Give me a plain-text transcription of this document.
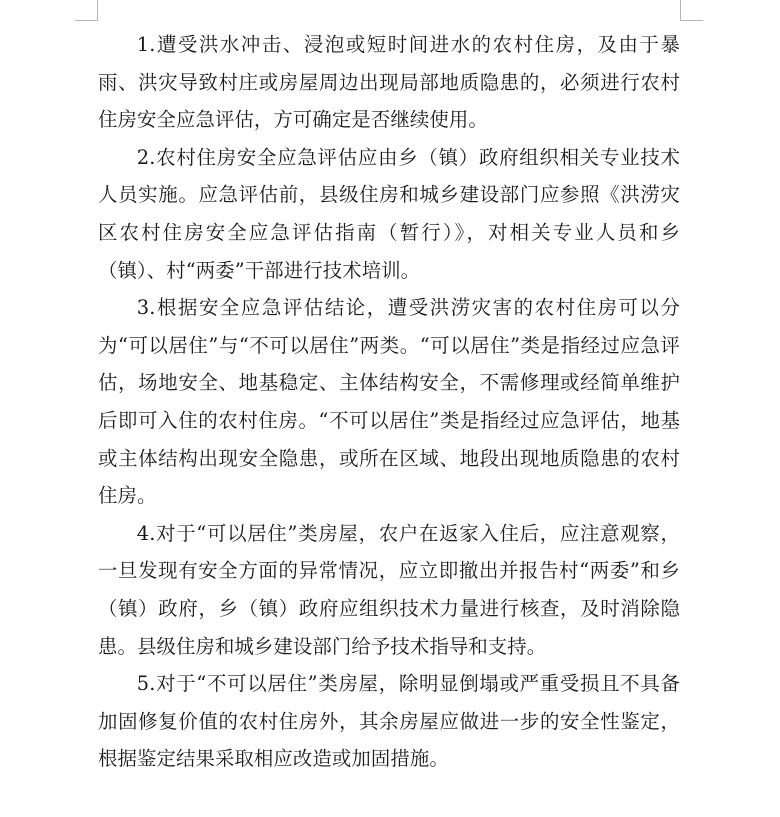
1.遭受洪水冲击、浸泡或短时间进水的农村住房，及由于暴雨、洪灾导致村庄或房屋周边出现局部地质隐患的，必须进行农村住房安全应急评估，方可确定是否继续使用。

2.农村住房安全应急评估应由乡（镇）政府组织相关专业技术人员实施。应急评估前，县级住房和城乡建设部门应参照《洪涝灾区农村住房安全应急评估指南（暂行）》，对相关专业人员和乡（镇）、村“两委”干部进行技术培训。

3.根据安全应急评估结论，遭受洪涝灾害的农村住房可以分为“可以居住”与“不可以居住”两类。“可以居住”类是指经过应急评估，场地安全、地基稳定、主体结构安全，不需修理或经简单维护后即可入住的农村住房。“不可以居住”类是指经过应急评估，地基或主体结构出现安全隐患，或所在区域、地段出现地质隐患的农村住房。

4.对于“可以居住”类房屋，农户在返家入住后，应注意观察，一旦发现有安全方面的异常情况，应立即撤出并报告村“两委”和乡（镇）政府，乡（镇）政府应组织技术力量进行核查，及时消除隐患。县级住房和城乡建设部门给予技术指导和支持。

5.对于“不可以居住”类房屋，除明显倒塌或严重受损且不具备加固修复价值的农村住房外，其余房屋应做进一步的安全性鉴定，根据鉴定结果采取相应改造或加固措施。
